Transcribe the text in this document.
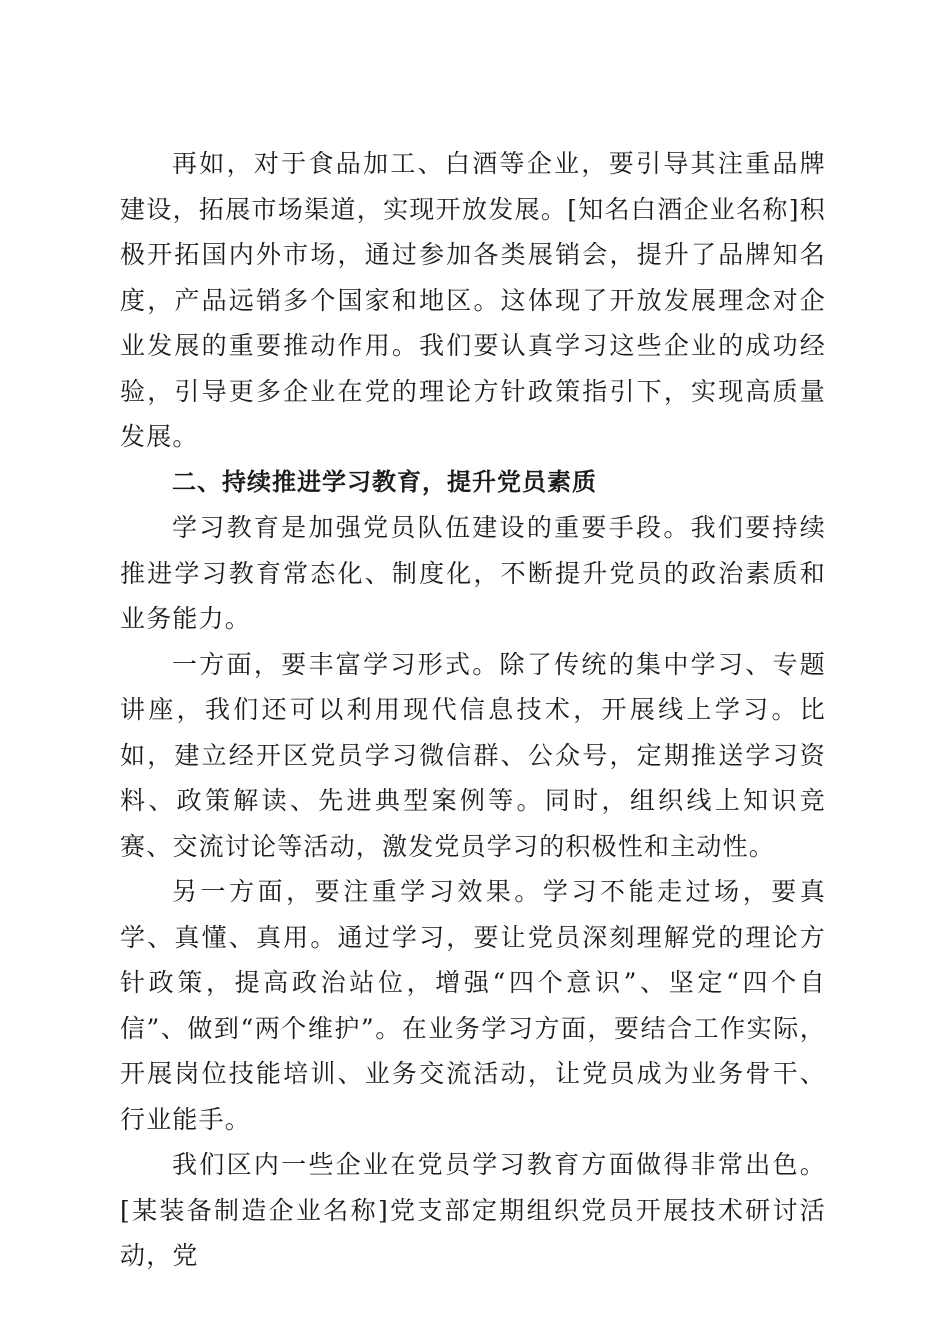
再如，对于食品加工、白酒等企业，要引导其注重品牌建设，拓展市场渠道，实现开放发展。[知名白酒企业名称]积极开拓国内外市场，通过参加各类展销会，提升了品牌知名度，产品远销多个国家和地区。这体现了开放发展理念对企业发展的重要推动作用。我们要认真学习这些企业的成功经验，引导更多企业在党的理论方针政策指引下，实现高质量发展。

二、持续推进学习教育，提升党员素质

学习教育是加强党员队伍建设的重要手段。我们要持续推进学习教育常态化、制度化，不断提升党员的政治素质和业务能力。

一方面，要丰富学习形式。除了传统的集中学习、专题讲座，我们还可以利用现代信息技术，开展线上学习。比如，建立经开区党员学习微信群、公众号，定期推送学习资料、政策解读、先进典型案例等。同时，组织线上知识竞赛、交流讨论等活动，激发党员学习的积极性和主动性。

另一方面，要注重学习效果。学习不能走过场，要真学、真懂、真用。通过学习，要让党员深刻理解党的理论方针政策，提高政治站位，增强“四个意识”、坚定“四个自信”、做到“两个维护”。在业务学习方面，要结合工作实际，开展岗位技能培训、业务交流活动，让党员成为业务骨干、行业能手。

我们区内一些企业在党员学习教育方面做得非常出色。[某装备制造企业名称]党支部定期组织党员开展技术研讨活动，党
